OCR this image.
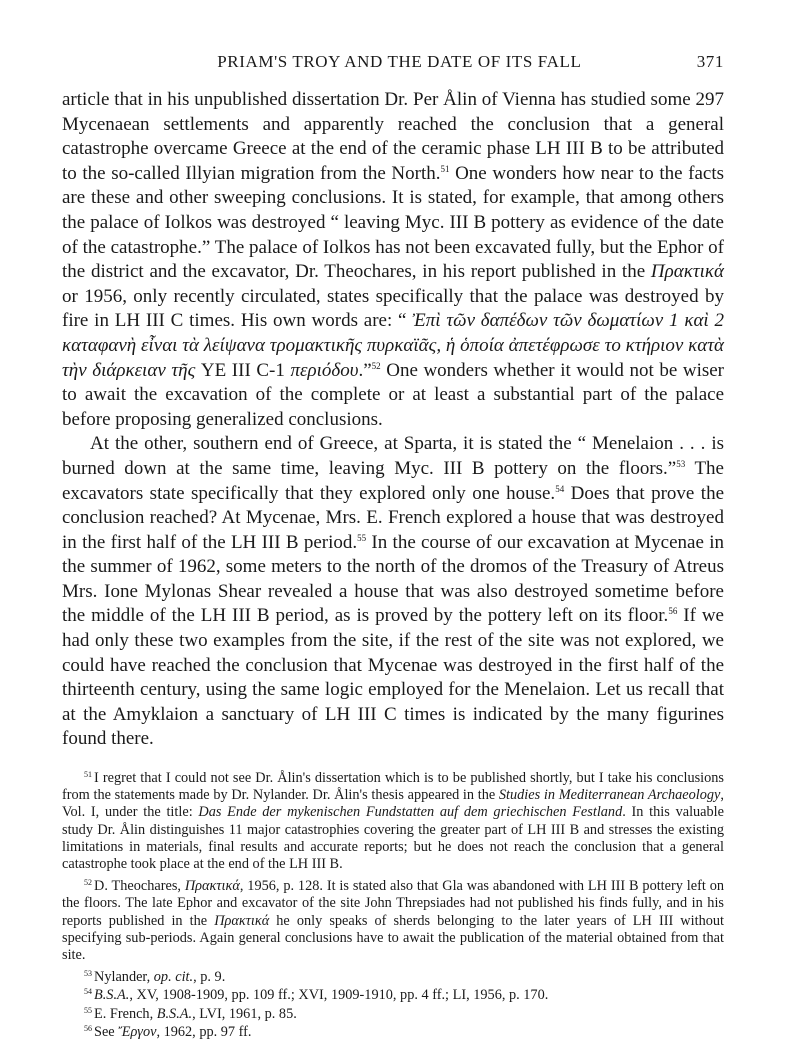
PRIAM'S TROY AND THE DATE OF ITS FALL	371

article that in his unpublished dissertation Dr. Per Ålin of Vienna has studied some 297 Mycenaean settlements and apparently reached the conclusion that a general catastrophe overcame Greece at the end of the ceramic phase LH III B to be attributed to the so-called Illyian migration from the North.$^{51}$ One wonders how near to the facts are these and other sweeping conclusions. It is stated, for example, that among others the palace of Iolkos was destroyed “ leaving Myc. III B pottery as evidence of the date of the catastrophe.” The palace of Iolkos has not been excavated fully, but the Ephor of the district and the excavator, Dr. Theochares, in his report published in the Πρακτικά or 1956, only recently circulated, states specifically that the palace was destroyed by fire in LH III C times. His own words are: “ Ἐπὶ τῶν δαπέδων τῶν δωματίων 1 καὶ 2 καταφανὴ εἶναι τὰ λείψανα τρομακτικῆς πυρκαϊᾶς, ἡ ὁποία ἀπετέφρωσε το κτήριον κατὰ τὴν διάρκειαν τῆς YE III C-1 περιόδου.”$^{52}$ One wonders whether it would not be wiser to await the excavation of the complete or at least a substantial part of the palace before proposing generalized conclusions.

At the other, southern end of Greece, at Sparta, it is stated the “ Menelaion . . . is burned down at the same time, leaving Myc. III B pottery on the floors.”$^{53}$ The excavators state specifically that they explored only one house.$^{54}$ Does that prove the conclusion reached? At Mycenae, Mrs. E. French explored a house that was destroyed in the first half of the LH III B period.$^{55}$ In the course of our excavation at Mycenae in the summer of 1962, some meters to the north of the dromos of the Treasury of Atreus Mrs. Ione Mylonas Shear revealed a house that was also destroyed sometime before the middle of the LH III B period, as is proved by the pottery left on its floor.$^{56}$ If we had only these two examples from the site, if the rest of the site was not explored, we could have reached the conclusion that Mycenae was destroyed in the first half of the thirteenth century, using the same logic employed for the Menelaion. Let us recall that at the Amyklaion a sanctuary of LH III C times is indicated by the many figurines found there.

$^{51}$ I regret that I could not see Dr. Ålin's dissertation which is to be published shortly, but I take his conclusions from the statements made by Dr. Nylander. Dr. Ålin's thesis appeared in the Studies in Mediterranean Archaeology, Vol. I, under the title: Das Ende der mykenischen Fundstatten auf dem griechischen Festland. In this valuable study Dr. Ålin distinguishes 11 major catastrophies covering the greater part of LH III B and stresses the existing limitations in materials, final results and accurate reports; but he does not reach the conclusion that a general catastrophe took place at the end of the LH III B.

$^{52}$ D. Theochares, Πρακτικά, 1956, p. 128. It is stated also that Gla was abandoned with LH III B pottery left on the floors. The late Ephor and excavator of the site John Threpsiades had not published his finds fully, and in his reports published in the Πρακτικά he only speaks of sherds belonging to the later years of LH III without specifying sub-periods. Again general conclusions have to await the publication of the material obtained from that site.

$^{53}$ Nylander, op. cit., p. 9.

$^{54}$ B.S.A., XV, 1908-1909, pp. 109 ff.; XVI, 1909-1910, pp. 4 ff.; LI, 1956, p. 170.

$^{55}$ E. French, B.S.A., LVI, 1961, p. 85.

$^{56}$ See Ἔργον, 1962, pp. 97 ff.
